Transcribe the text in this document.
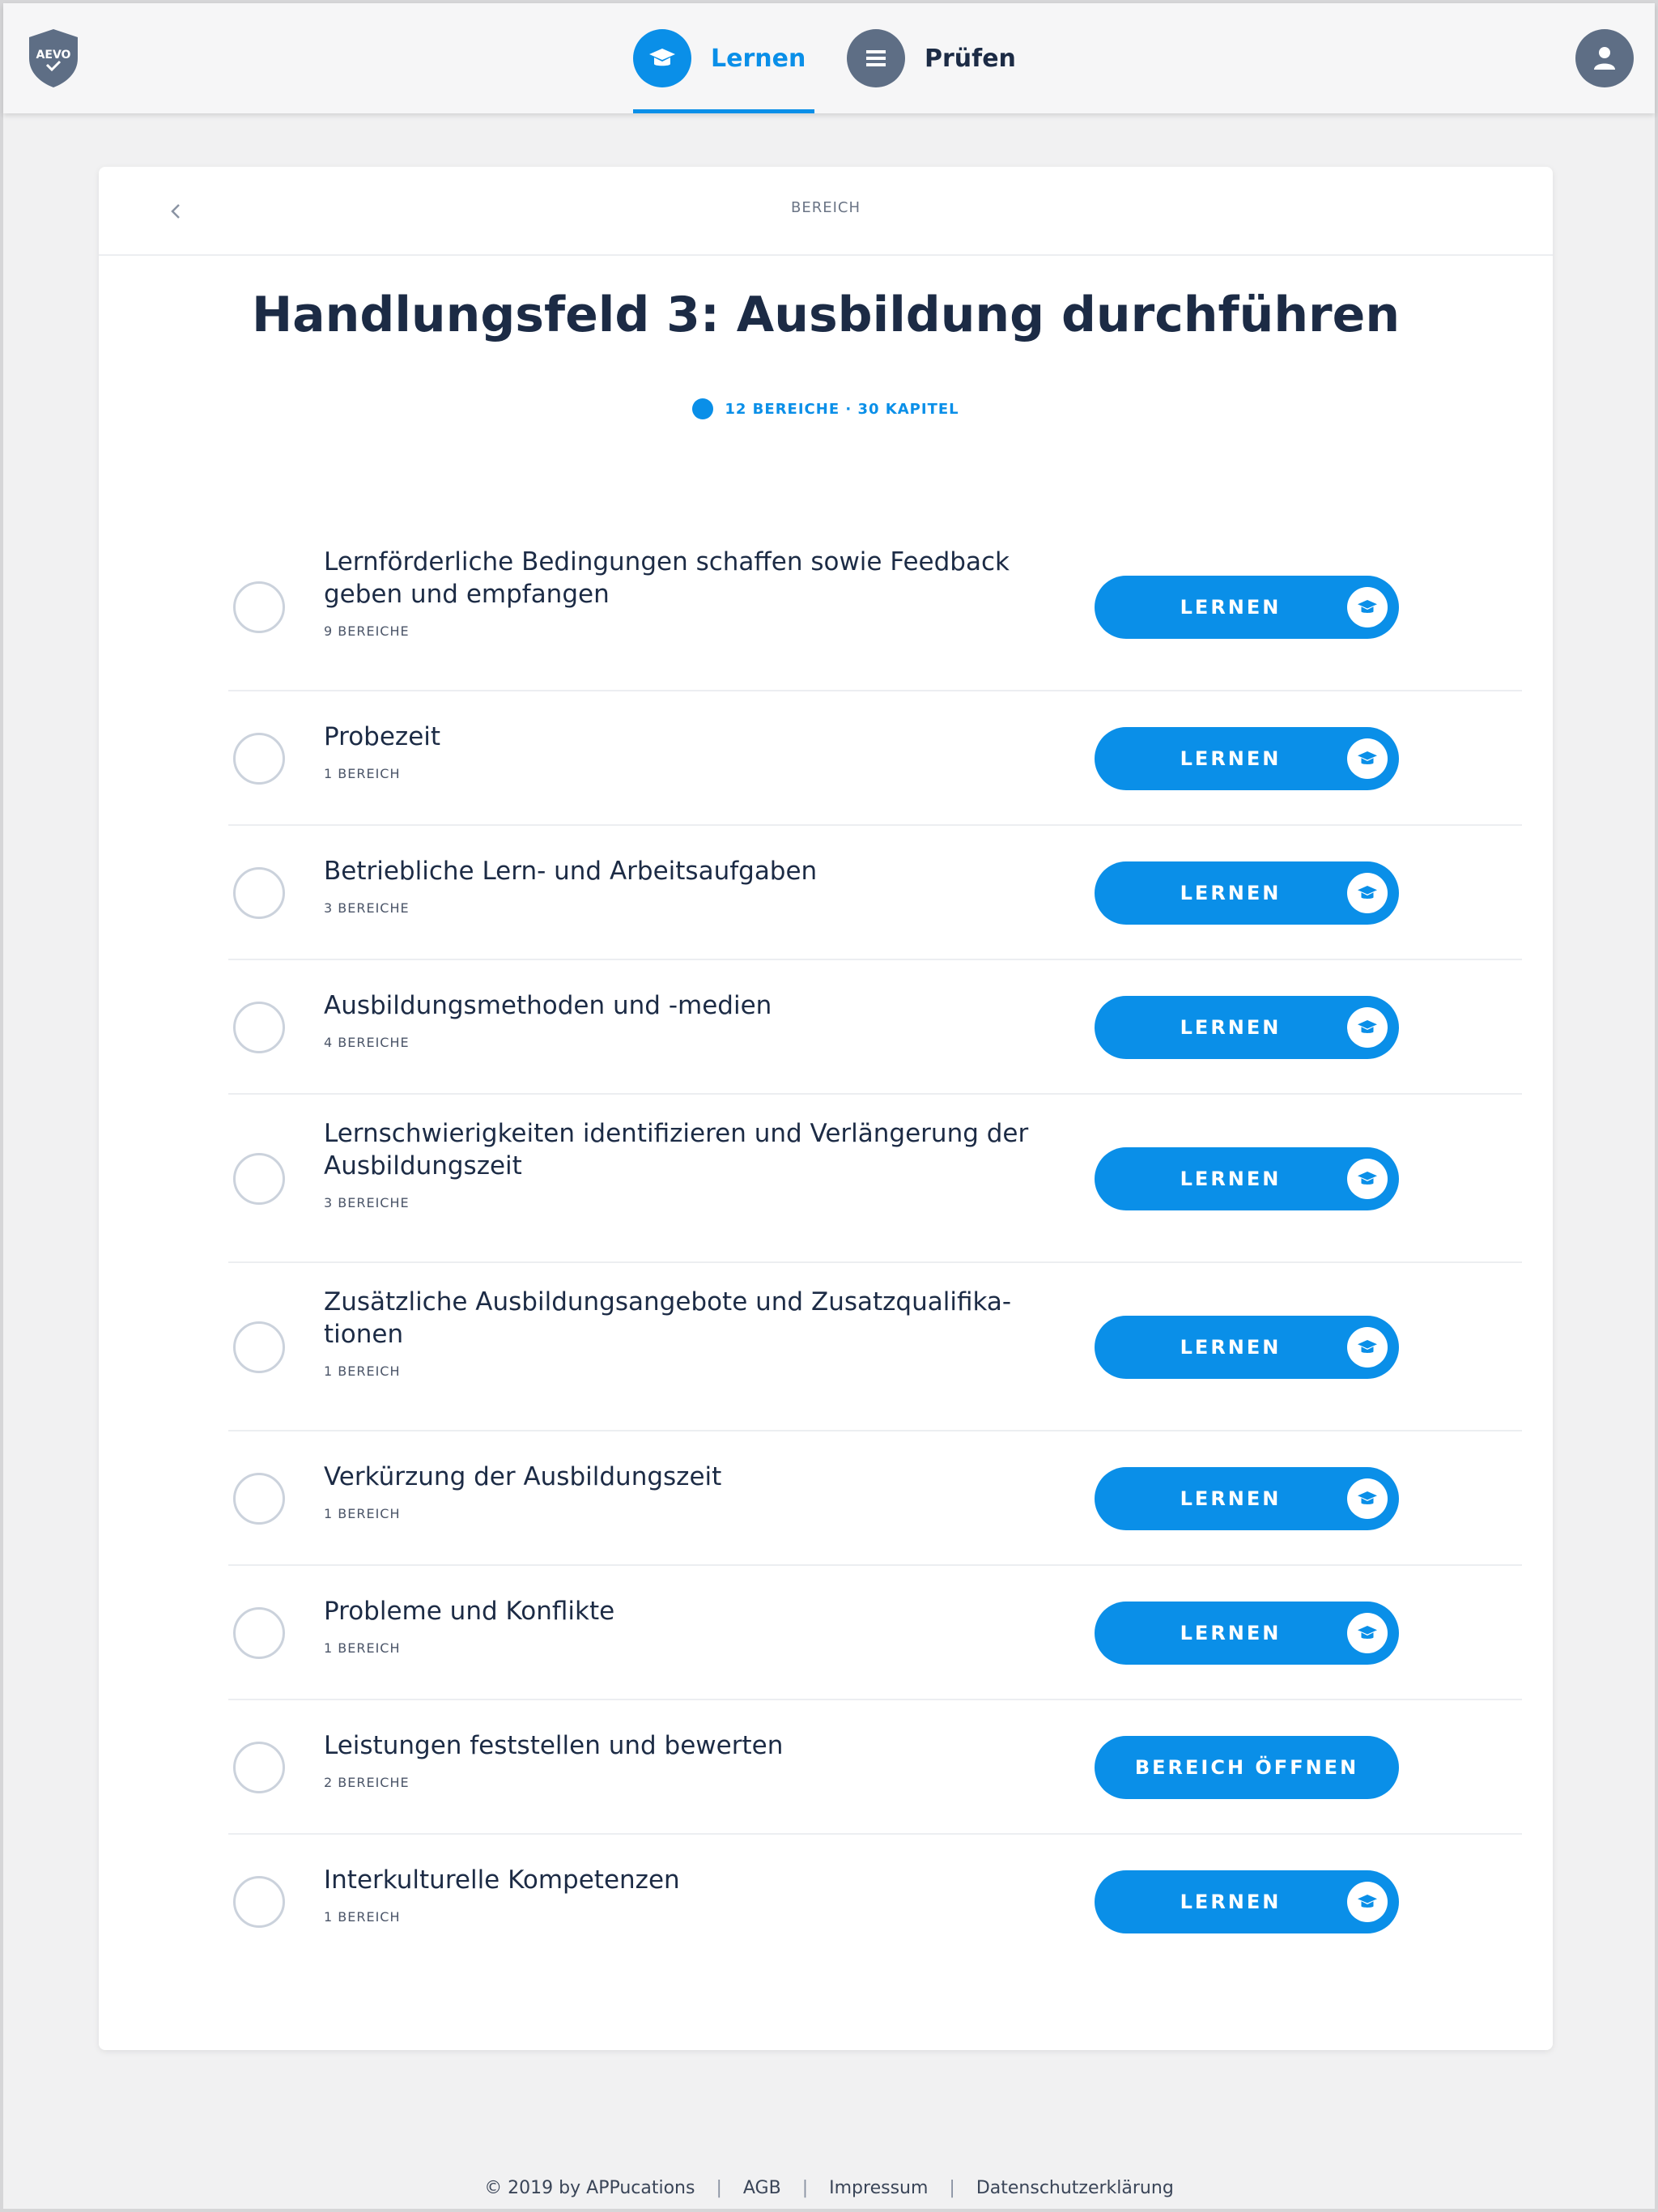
AEVO	Lernen	Prüfen
BEREICH
Handlungsfeld 3: Ausbildung durchführen
12 BEREICHE · 30 KAPITEL
Lernförderliche Bedingungen schaffen sowie Feedback geben und empfangen
9 BEREICHE
LERNEN
Probezeit
1 BEREICH
LERNEN
Betriebliche Lern- und Arbeitsaufgaben
3 BEREICHE
LERNEN
Ausbildungsmethoden und -medien
4 BEREICHE
LERNEN
Lernschwierigkeiten identifizieren und Verlängerung der Ausbildungszeit
3 BEREICHE
LERNEN
Zusätzliche Ausbildungsangebote und Zusatzqualifika-tionen
1 BEREICH
LERNEN
Verkürzung der Ausbildungszeit
1 BEREICH
LERNEN
Probleme und Konflikte
1 BEREICH
LERNEN
Leistungen feststellen und bewerten
2 BEREICHE
BEREICH ÖFFNEN
Interkulturelle Kompetenzen
1 BEREICH
LERNEN
© 2019 by APPucations | AGB | Impressum | Datenschutzerklärung
